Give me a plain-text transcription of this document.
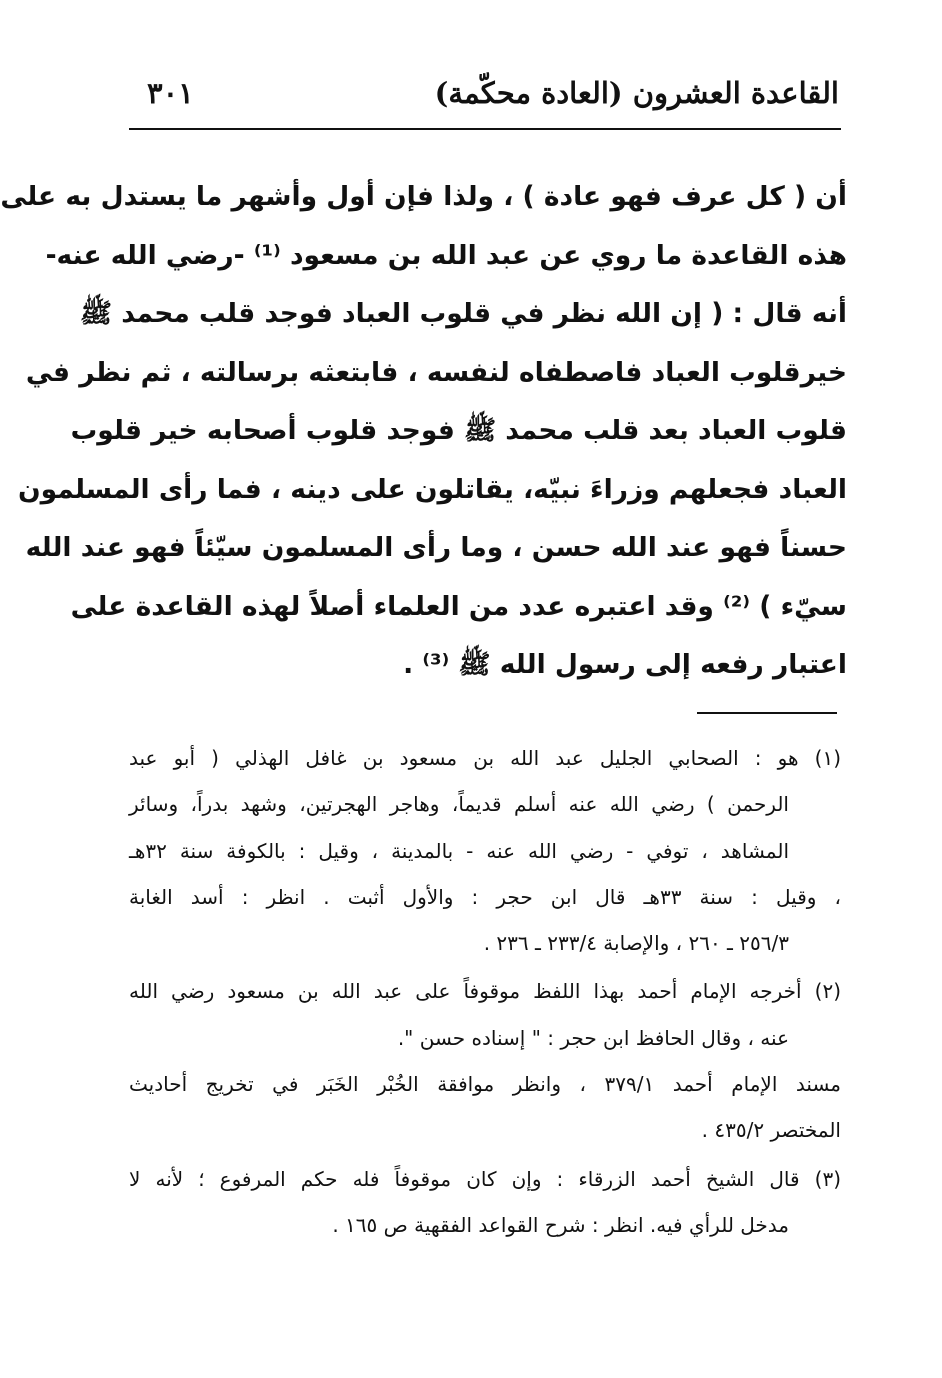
القاعدة العشرون (العادة محكّمة)
٣٠١
أن ( كل عرف فهو عادة ) ، ولذا فإن أول وأشهر ما يستدل به على
هذه القاعدة ما روي عن عبد الله بن مسعود ⁽¹⁾ -رضي الله عنه-
أنه قال : ( إن الله نظر في قلوب العباد فوجد قلب محمد ﷺ
خيرقلوب العباد فاصطفاه لنفسه ، فابتعثه برسالته ، ثم نظر في
قلوب العباد بعد قلب محمد ﷺ فوجد قلوب أصحابه خير قلوب
العباد فجعلهم وزراءَ نبيّه، يقاتلون على دينه ، فما رأى المسلمون
حسناً فهو عند الله حسن ، وما رأى المسلمون سيّئاً فهو عند الله
سيّء ) ⁽²⁾ وقد اعتبره عدد من العلماء أصلاً لهذه القاعدة على
اعتبار رفعه إلى رسول الله ﷺ ⁽³⁾ .
(١) هو : الصحابي الجليل عبد الله بن مسعود بن غافل الهذلي ( أبو عبد
الرحمن ) رضي الله عنه أسلم قديماً، وهاجر الهجرتين، وشهد بدراً، وسائر
المشاهد ، توفي - رضي الله عنه - بالمدينة ، وقيل : بالكوفة سنة ٣٢هـ
، وقيل : سنة ٣٣هـ قال ابن حجر : والأول أثبت . انظر : أسد الغابة
٢٥٦/٣ ـ ٢٦٠ ، والإصابة ٢٣٣/٤ ـ ٢٣٦ .
(٢) أخرجه الإمام أحمد بهذا اللفظ موقوفاً على عبد الله بن مسعود رضي الله
عنه ، وقال الحافظ ابن حجر : " إسناده حسن ".
مسند الإمام أحمد ٣٧٩/١ ، وانظر موافقة الخُبْر الخَبَر في تخريج أحاديث
المختصر ٤٣٥/٢ .
(٣) قال الشيخ أحمد الزرقاء : وإن كان موقوفاً فله حكم المرفوع ؛ لأنه لا
مدخل للرأي فيه. انظر : شرح القواعد الفقهية ص ١٦٥ .
